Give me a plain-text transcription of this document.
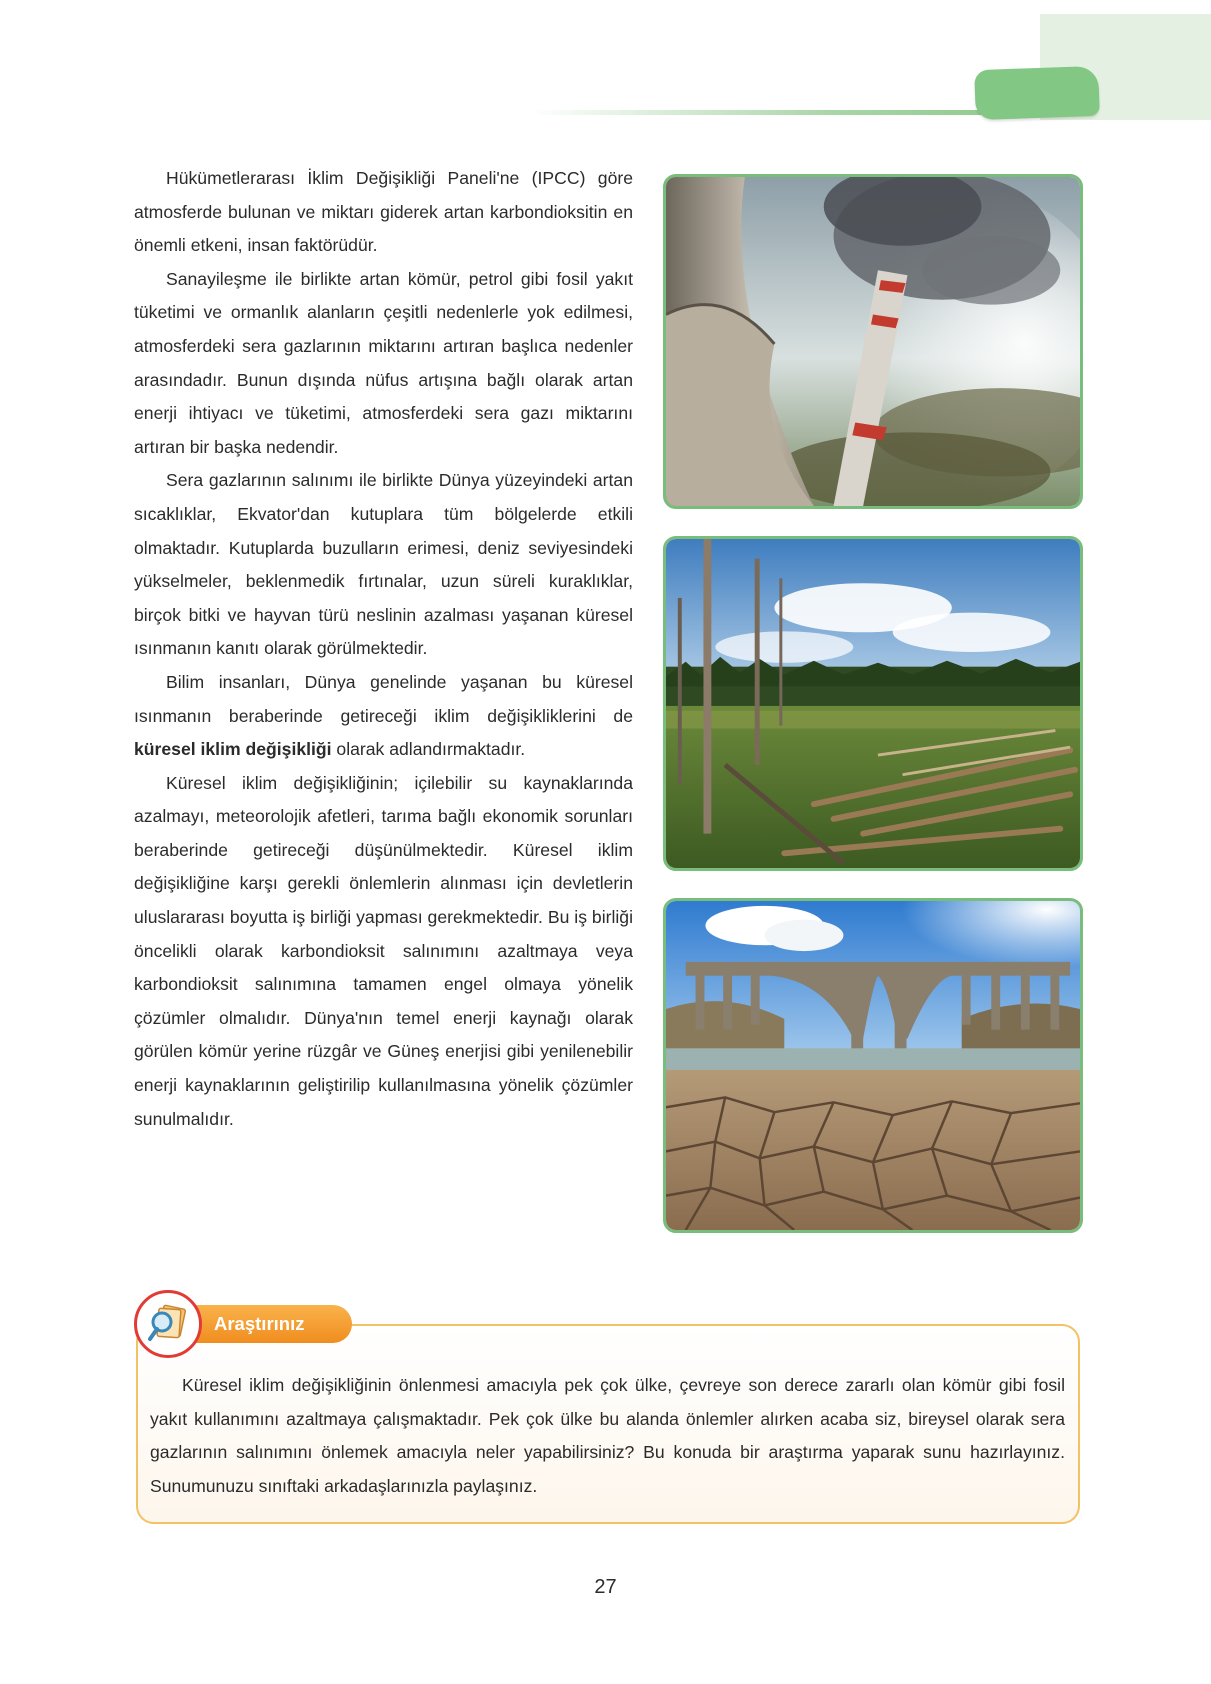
Hükümetlerarası İklim Değişikliği Paneli'ne (IPCC) göre atmosferde bulunan ve miktarı giderek artan karbondioksitin en önemli etkeni, insan faktörüdür.

Sanayileşme ile birlikte artan kömür, petrol gibi fosil yakıt tüketimi ve ormanlık alanların çeşitli nedenlerle yok edilmesi, atmosferdeki sera gazlarının miktarını artıran başlıca nedenler arasındadır. Bunun dışında nüfus artışına bağlı olarak artan enerji ihtiyacı ve tüketimi, atmosferdeki sera gazı miktarını artıran bir başka nedendir.

Sera gazlarının salınımı ile birlikte Dünya yüzeyindeki artan sıcaklıklar, Ekvator'dan kutuplara tüm bölgelerde etkili olmaktadır. Kutuplarda buzulların erimesi, deniz seviyesindeki yükselmeler, beklenmedik fırtınalar, uzun süreli kuraklıklar, birçok bitki ve hayvan türü neslinin azalması yaşanan küresel ısınmanın kanıtı olarak görülmektedir.

Bilim insanları, Dünya genelinde yaşanan bu küresel ısınmanın beraberinde getireceği iklim değişikliklerini de küresel iklim değişikliği olarak adlandırmaktadır.

Küresel iklim değişikliğinin; içilebilir su kaynaklarında azalmayı, meteorolojik afetleri, tarıma bağlı ekonomik sorunları beraberinde getireceği düşünülmektedir. Küresel iklim değişikliğine karşı gerekli önlemlerin alınması için devletlerin uluslararası boyutta iş birliği yapması gerekmektedir. Bu iş birliği öncelikli olarak karbondioksit salınımını azaltmaya veya karbondioksit salınımına tamamen engel olmaya yönelik çözümler olmalıdır. Dünya'nın temel enerji kaynağı olarak görülen kömür yerine rüzgâr ve Güneş enerjisi gibi yenilenebilir enerji kaynaklarının geliştirilip kullanılmasına yönelik çözümler sunulmalıdır.

Araştırınız

Küresel iklim değişikliğinin önlenmesi amacıyla pek çok ülke, çevreye son derece zararlı olan kömür gibi fosil yakıt kullanımını azaltmaya çalışmaktadır. Pek çok ülke bu alanda önlemler alırken acaba siz, bireysel olarak sera gazlarının salınımını önlemek amacıyla neler yapabilirsiniz? Bu konuda bir araştırma yaparak sunu hazırlayınız. Sunumunuzu sınıftaki arkadaşlarınızla paylaşınız.

27
